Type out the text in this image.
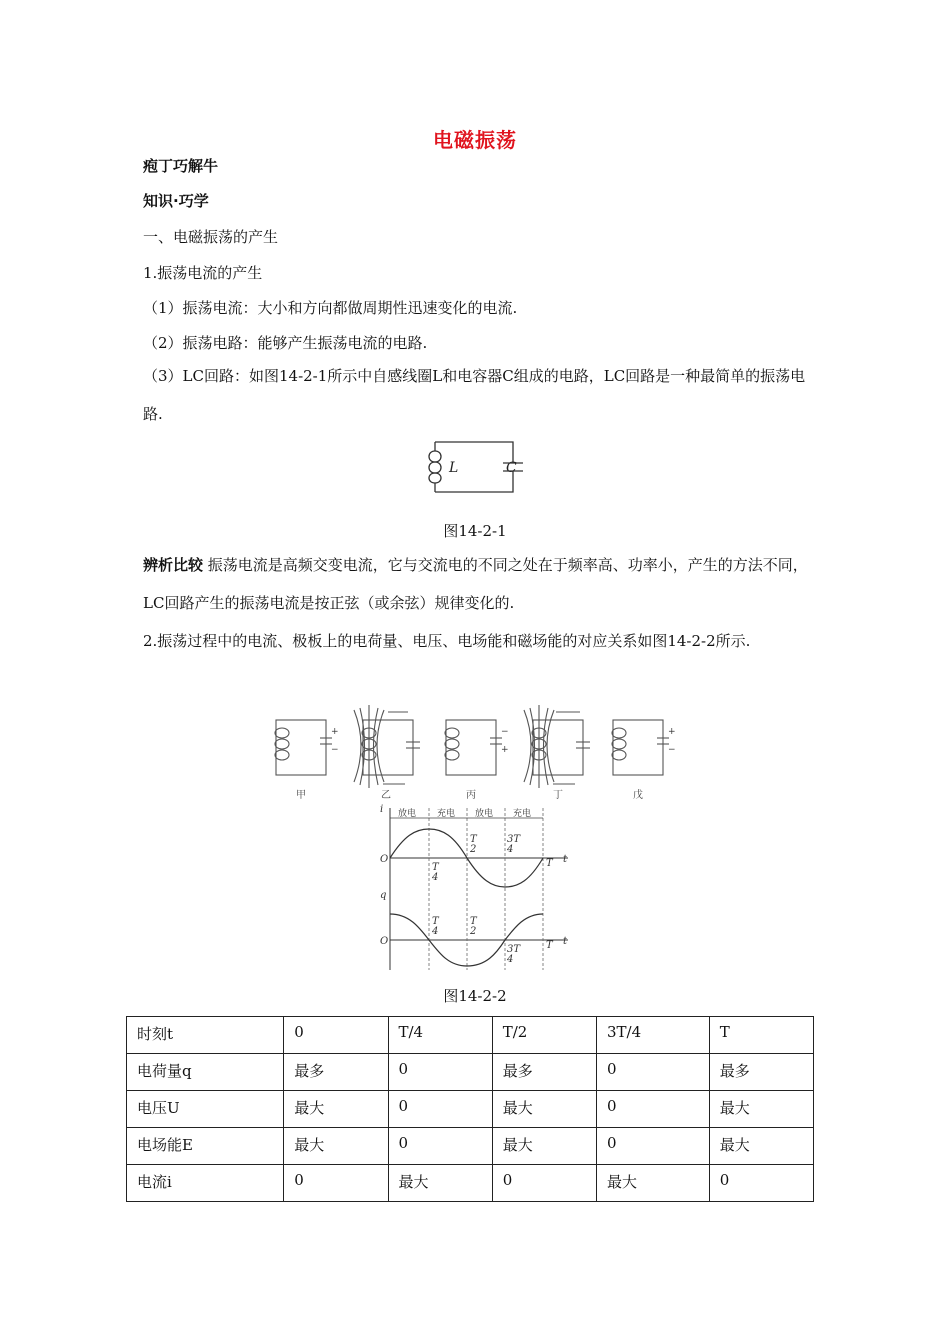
电磁振荡
疱丁巧解牛
知识·巧学
一、电磁振荡的产生
1.振荡电流的产生
（1）振荡电流：大小和方向都做周期性迅速变化的电流.
（2）振荡电路：能够产生振荡电流的电路.
（3）LC回路：如图14-2-1所示中自感线圈L和电容器C组成的电路，LC回路是一种最简单的振荡电路.
L	C
图14-2-1
辨析比较 振荡电流是高频交变电流，它与交流电的不同之处在于频率高、功率小，产生的方法不同，LC回路产生的振荡电流是按正弦（或余弦）规律变化的.
2.振荡过程中的电流、极板上的电荷量、电压、电场能和磁场能的对应关系如图14-2-2所示.
+
−
−
+
+
−
甲	乙	丙	丁	戊
放电 充电 放电 充电
i
q
O
O
t
t
T
T
T
4
T
2
3T
4
T
4
T
2
3T
4
图14-2-2
时刻t	0	T/4	T/2	3T/4	T
电荷量q	最多	0	最多	0	最多
电压U	最大	0	最大	0	最大
电场能E	最大	0	最大	0	最大
电流i	0	最大	0	最大	0
